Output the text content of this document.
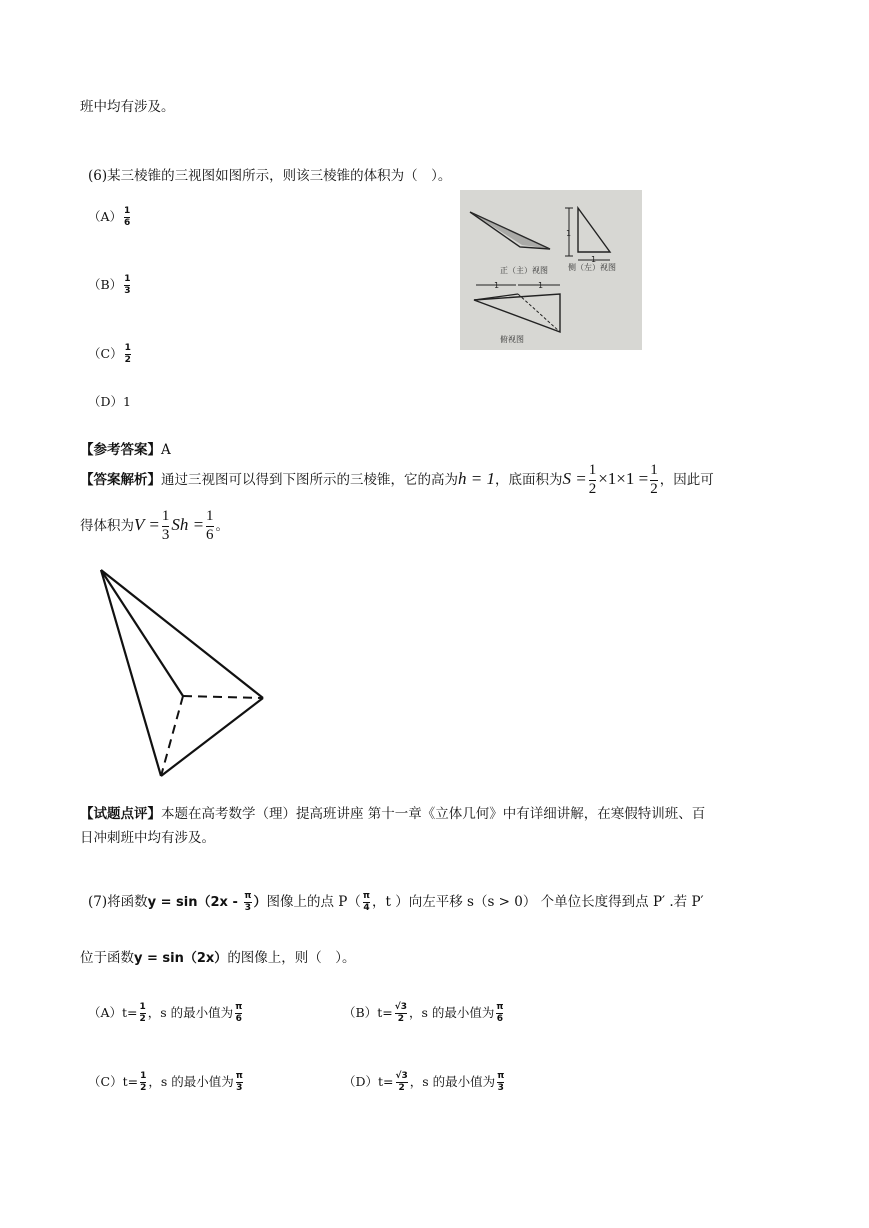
班中均有涉及。
(6)某三棱锥的三视图如图所示，则该三棱锥的体积为（　）。
$(A) \frac{1}{6}$
$(B) \frac{1}{3}$
$(C) \frac{1}{2}$
（D）1
正（主）视图
1
1
侧（左）视图
1	1
俯视图
【参考答案】A
【答案解析】通过三视图可以得到下图所示的三棱锥，它的高为h = 1，底面积为$S = \frac{1}{2} \times 1\times 1 = \frac{1}{2}$ ，因此可
得体积为$V = \frac{1}{3}$ $Sh = \frac{1}{6}$ 。
【试题点评】本题在高考数学（理）提高班讲座 第十一章《立体几何》中有详细讲解，在寒假特训班、百
日冲刺班中均有涉及。
(7)将函数$y = \sin(2x - \frac{\pi}{3}$ ）图像上的点 $P( \frac{\pi}{4}$ ，t ）向左平移 s（s > 0） 个单位长度得到点 P′ .若 P′
位于函数y = sin（2x）的图像上，则（　）。
$(A)t= \frac{1}{2}$ ，s 的最小值为 $\frac{\pi}{6}$	$(B)t= \frac{√3}{2}$ ，s 的最小值为 $\frac{\pi}{6}$
$(C)t= \frac{1}{2}$ ，s 的最小值为 $\frac{\pi}{3}$	$(D)t= \frac{√3}{2}$ ，s 的最小值为 $\frac{\pi}{3}$
